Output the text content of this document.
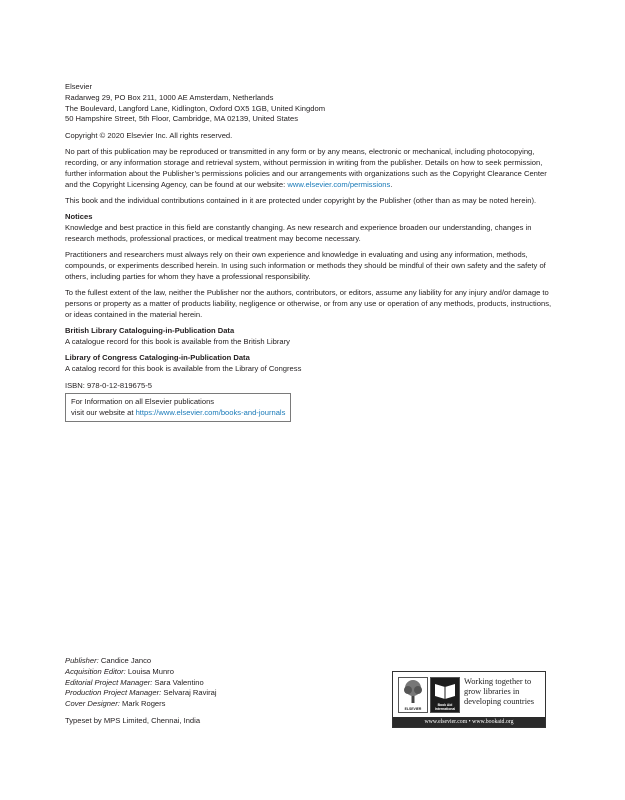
Elsevier

Radarweg 29, PO Box 211, 1000 AE Amsterdam, Netherlands

The Boulevard, Langford Lane, Kidlington, Oxford OX5 1GB, United Kingdom

50 Hampshire Street, 5th Floor, Cambridge, MA 02139, United States

Copyright © 2020 Elsevier Inc. All rights reserved.

No part of this publication may be reproduced or transmitted in any form or by any means, electronic or mechanical, including photocopying, recording, or any information storage and retrieval system, without permission in writing from the publisher. Details on how to seek permission, further information about the Publisher’s permissions policies and our arrangements with organizations such as the Copyright Clearance Center and the Copyright Licensing Agency, can be found at our website: www.elsevier.com/permissions.

This book and the individual contributions contained in it are protected under copyright by the Publisher (other than as may be noted herein).

Notices

Knowledge and best practice in this field are constantly changing. As new research and experience broaden our understanding, changes in research methods, professional practices, or medical treatment may become necessary.

Practitioners and researchers must always rely on their own experience and knowledge in evaluating and using any information, methods, compounds, or experiments described herein. In using such information or methods they should be mindful of their own safety and the safety of others, including parties for whom they have a professional responsibility.

To the fullest extent of the law, neither the Publisher nor the authors, contributors, or editors, assume any liability for any injury and/or damage to persons or property as a matter of products liability, negligence or otherwise, or from any use or operation of any methods, products, instructions, or ideas contained in the material herein.

British Library Cataloguing-in-Publication Data

A catalogue record for this book is available from the British Library

Library of Congress Cataloging-in-Publication Data

A catalog record for this book is available from the Library of Congress

ISBN: 978-0-12-819675-5

For Information on all Elsevier publications

visit our website at https://www.elsevier.com/books-and-journals

Publisher: Candice Janco

Acquisition Editor: Louisa Munro

Editorial Project Manager: Sara Valentino

Production Project Manager: Selvaraj Raviraj

Cover Designer: Mark Rogers

Typeset by MPS Limited, Chennai, India

ELSEVIER
Book Aid International
Working together to grow libraries in developing countries
www.elsevier.com • www.bookaid.org
